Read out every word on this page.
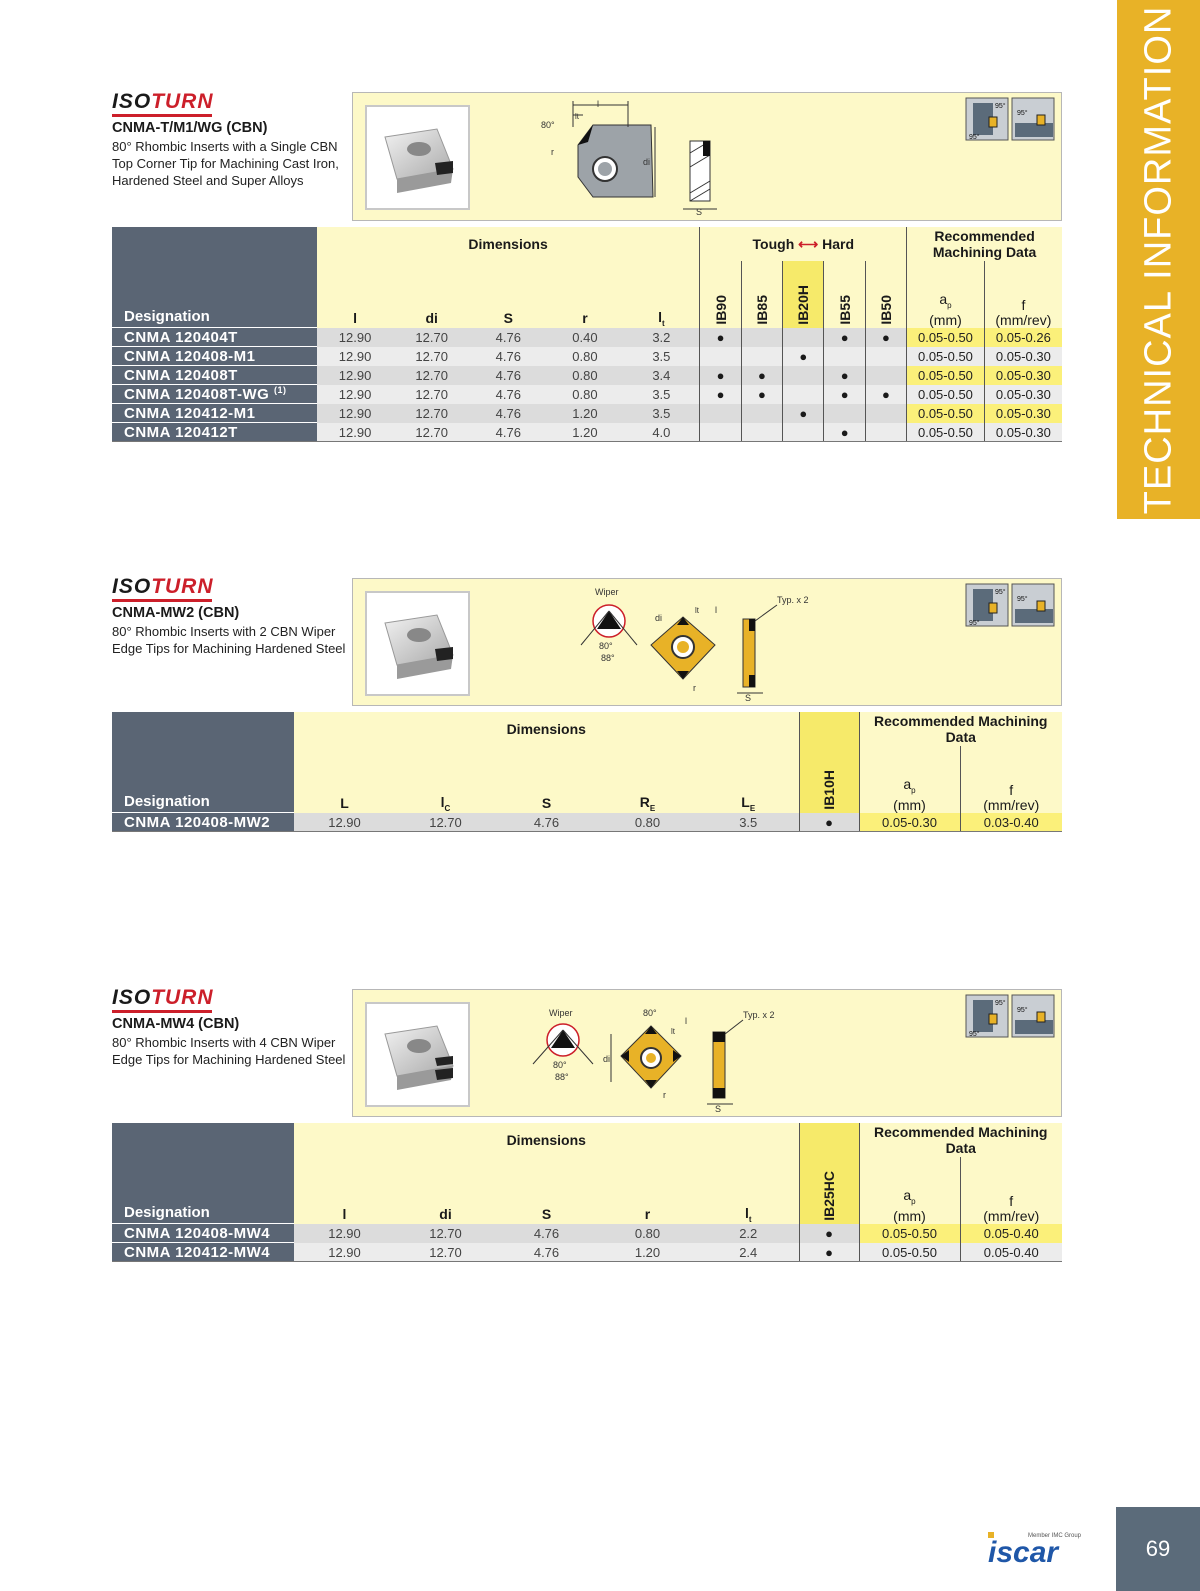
TECHNICAL INFORMATION
ISOTURN
CNMA-T/M1/WG (CBN)
80° Rhombic Inserts with a Single CBN Top Corner Tip for Machining Cast Iron, Hardened Steel and Super Alloys
80°
l
lt
r
di
S
95°
95°
95°
Designation	Dimensions					Tough ⟷ Hard					Recommended Machining Data	
						IB90	IB85	IB20H	IB55	IB50	$a_p$
(mm)	f
(mm/rev)
	l	di	S	r	$l_t$
CNMA 120404T	12.90	12.70	4.76	0.40	3.2	●			●	●	0.05-0.50	0.05-0.26
CNMA 120408-M1	12.90	12.70	4.76	0.80	3.5			●			0.05-0.50	0.05-0.30
CNMA 120408T	12.90	12.70	4.76	0.80	3.4	●	●		●		0.05-0.50	0.05-0.30
CNMA 120408T-WG $^{(1)}$	12.90	12.70	4.76	0.80	3.5	●	●		●	●	0.05-0.50	0.05-0.30
CNMA 120412-M1	12.90	12.70	4.76	1.20	3.5			●			0.05-0.50	0.05-0.30
CNMA 120412T	12.90	12.70	4.76	1.20	4.0				●		0.05-0.50	0.05-0.30
ISOTURN
CNMA-MW2 (CBN)
80° Rhombic Inserts with 2 CBN Wiper Edge Tips for Machining Hardened Steel
Wiper
80°
88°
di
lt l
r
Typ. x 2
S
95°
95°
95°
Designation	Dimensions					IB10H	Recommended Machining Data	
							$a_p$
(mm)	f
(mm/rev)
	L	$l_C$	S	$R_E$	$L_E$
CNMA 120408-MW2	12.90	12.70	4.76	0.80	3.5	●	0.05-0.30	0.03-0.40
ISOTURN
CNMA-MW4 (CBN)
80° Rhombic Inserts with 4 CBN Wiper Edge Tips for Machining Hardened Steel
Wiper
80°
88°
80°
di
lt
l
r
Typ. x 2
S
95°
95°
95°
Designation	Dimensions					IB25HC	Recommended Machining Data	
							$a_p$
(mm)	f
(mm/rev)
	l	di	S	r	$l_t$
CNMA 120408-MW4	12.90	12.70	4.76	0.80	2.2	●	0.05-0.50	0.05-0.40
CNMA 120412-MW4	12.90	12.70	4.76	1.20	2.4	●	0.05-0.50	0.05-0.40
Member IMC Group
iscar	69
